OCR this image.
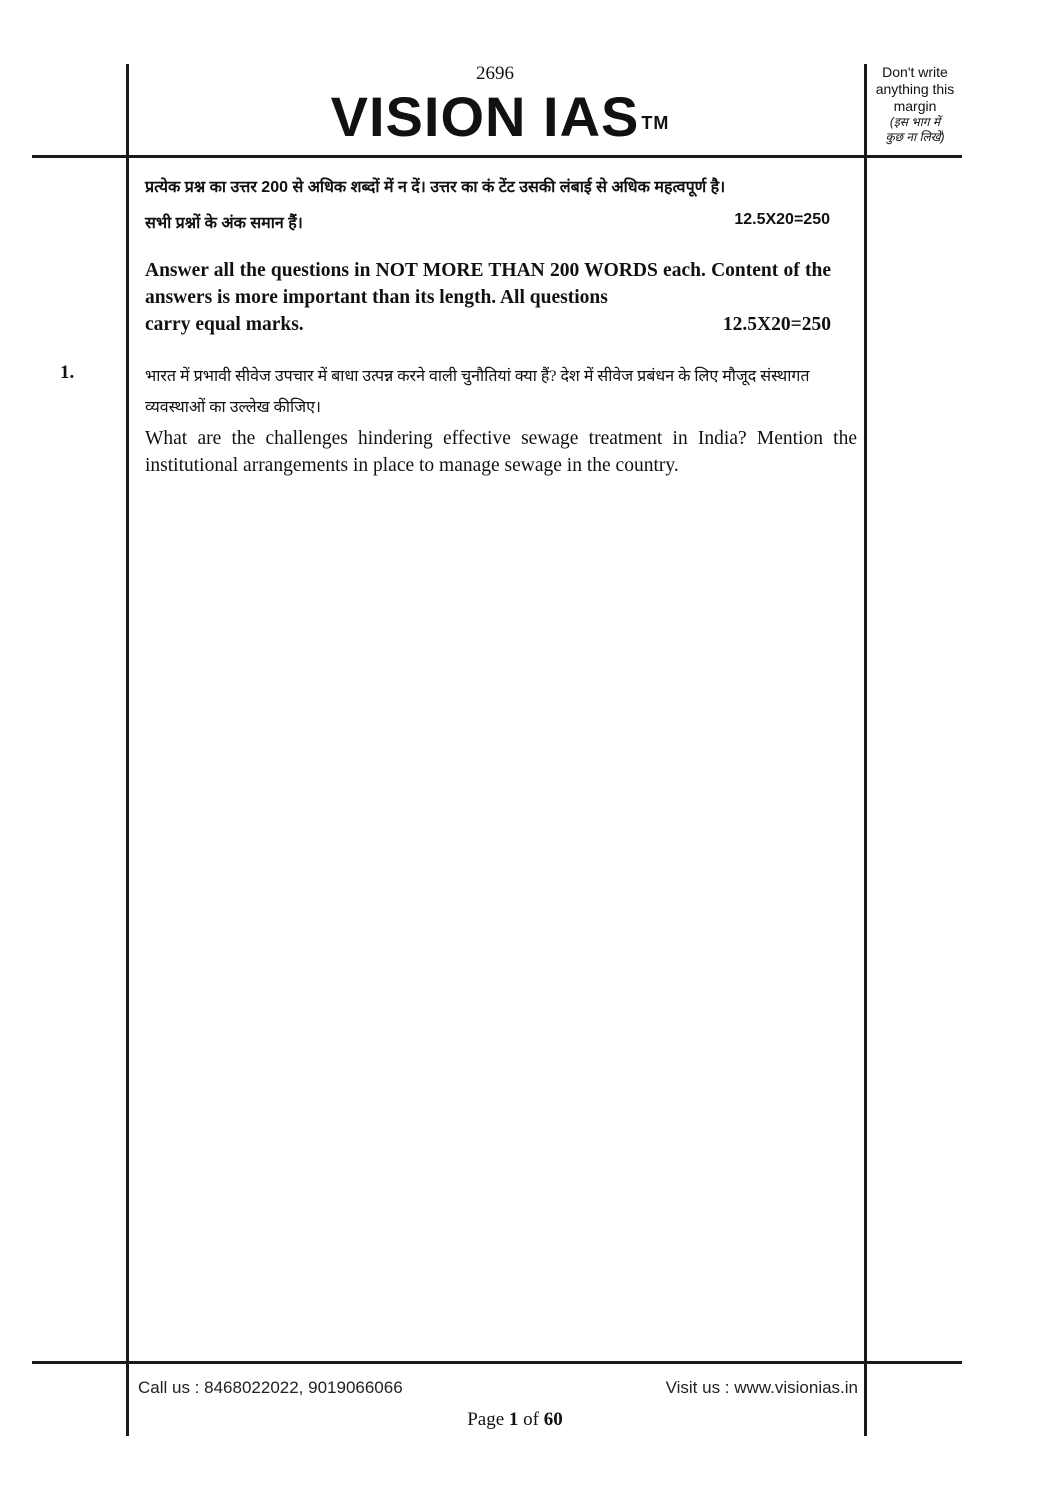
2696
VISION IAS ™
Don't write
anything this
margin
(इस भाग में
कुछ ना लिखें)
प्रत्येक प्रश्न का उत्तर 200 से अधिक शब्दों में न दें। उत्तर का कं टेंट उसकी लंबाई से अधिक महत्वपूर्ण है।
सभी प्रश्नों के अंक समान हैं।	12.5X20=250
Answer all the questions in NOT MORE THAN 200 WORDS each. Content of the answers is more important than its length. All questions
carry equal marks.	12.5X20=250
1.	भारत में प्रभावी सीवेज उपचार में बाधा उत्पन्न करने वाली चुनौतियां क्या हैं? देश में सीवेज प्रबंधन के लिए मौजूद संस्थागत व्यवस्थाओं का उल्लेख कीजिए।
What are the challenges hindering effective sewage treatment in India? Mention the institutional arrangements in place to manage sewage in the country.
Call us : 8468022022, 9019066066	Visit us : www.visionias.in
Page 1 of 60
